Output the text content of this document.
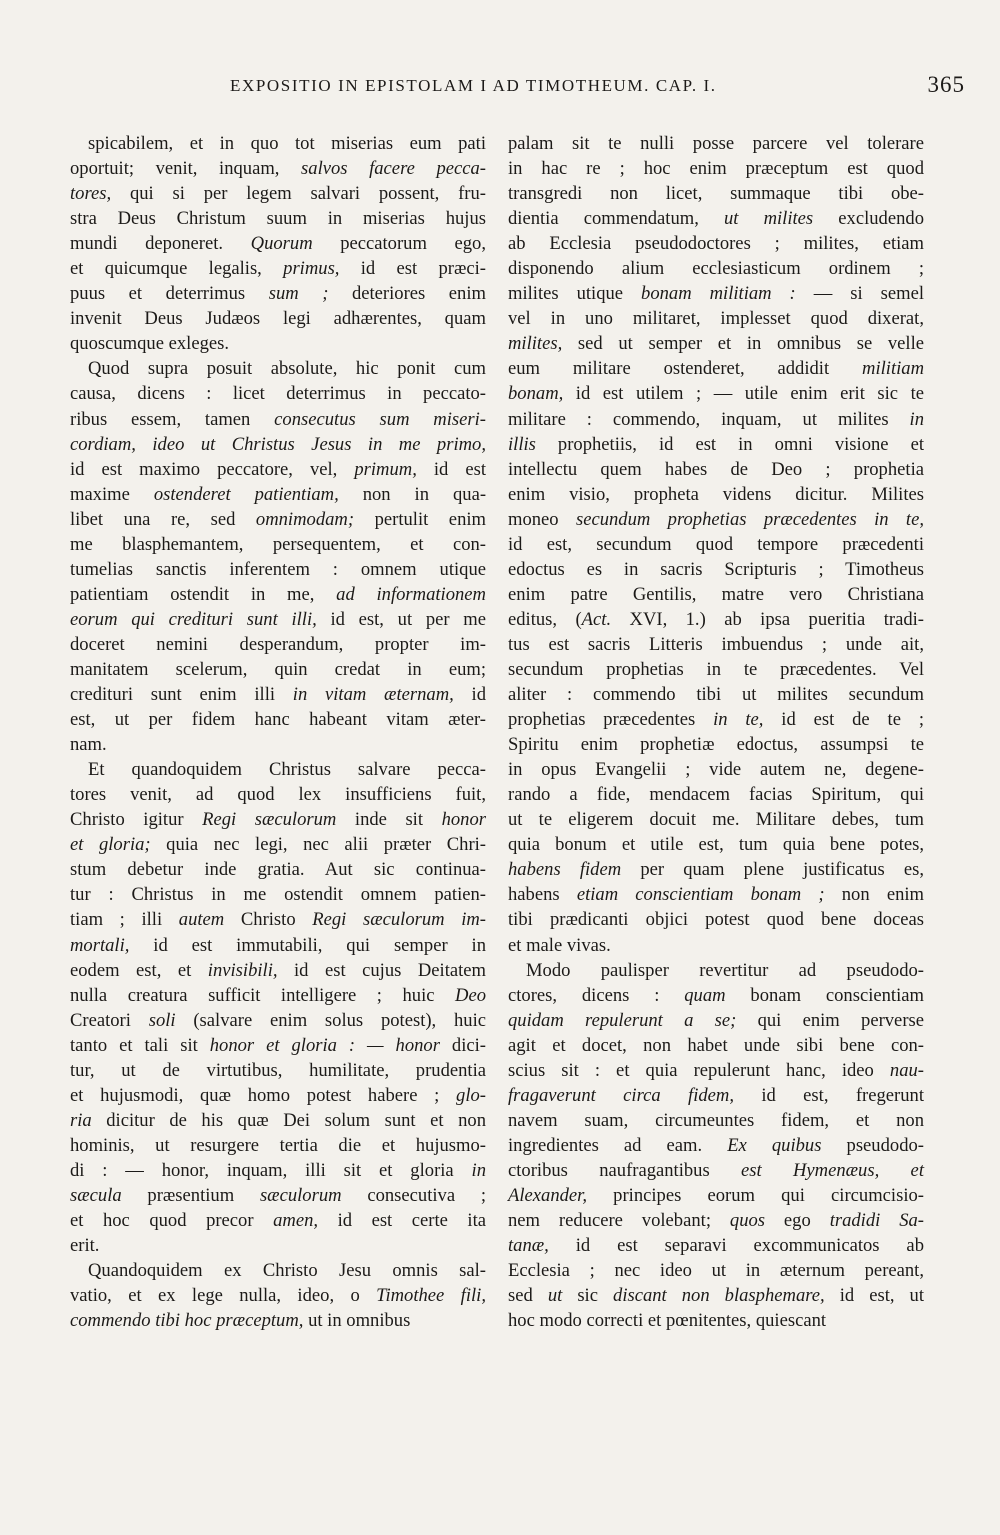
EXPOSITIO IN EPISTOLAM I AD TIMOTHEUM. CAP. I.	365

spicabilem, et in quo tot miserias eum pati

oportuit; venit, inquam, salvos facere pecca-

tores, qui si per legem salvari possent, fru-

stra Deus Christum suum in miserias hujus

mundi deponeret. Quorum peccatorum ego,

et quicumque legalis, primus, id est præci-

puus et deterrimus sum ; deteriores enim

invenit Deus Judæos legi adhærentes, quam

quoscumque exleges.

Quod supra posuit absolute, hic ponit cum

causa, dicens : licet deterrimus in peccato-

ribus essem, tamen consecutus sum miseri-

cordiam, ideo ut Christus Jesus in me primo,

id est maximo peccatore, vel, primum, id est

maxime ostenderet patientiam, non in qua-

libet una re, sed omnimodam; pertulit enim

me blasphemantem, persequentem, et con-

tumelias sanctis inferentem : omnem utique

patientiam ostendit in me, ad informationem

eorum qui credituri sunt illi, id est, ut per me

doceret nemini desperandum, propter im-

manitatem scelerum, quin credat in eum;

credituri sunt enim illi in vitam æternam, id

est, ut per fidem hanc habeant vitam æter-

nam.

Et quandoquidem Christus salvare pecca-

tores venit, ad quod lex insufficiens fuit,

Christo igitur Regi sæculorum inde sit honor

et gloria; quia nec legi, nec alii præter Chri-

stum debetur inde gratia. Aut sic continua-

tur : Christus in me ostendit omnem patien-

tiam ; illi autem Christo Regi sæculorum im-

mortali, id est immutabili, qui semper in

eodem est, et invisibili, id est cujus Deitatem

nulla creatura sufficit intelligere ; huic Deo

Creatori soli (salvare enim solus potest), huic

tanto et tali sit honor et gloria : — honor dici-

tur, ut de virtutibus, humilitate, prudentia

et hujusmodi, quæ homo potest habere ; glo-

ria dicitur de his quæ Dei solum sunt et non

hominis, ut resurgere tertia die et hujusmo-

di : — honor, inquam, illi sit et gloria in

sæcula præsentium sæculorum consecutiva ;

et hoc quod precor amen, id est certe ita

erit.

Quandoquidem ex Christo Jesu omnis sal-

vatio, et ex lege nulla, ideo, o Timothee fili,

commendo tibi hoc præceptum, ut in omnibus

palam sit te nulli posse parcere vel tolerare

in hac re ; hoc enim præceptum est quod

transgredi non licet, summaque tibi obe-

dientia commendatum, ut milites excludendo

ab Ecclesia pseudodoctores ; milites, etiam

disponendo alium ecclesiasticum ordinem ;

milites utique bonam militiam : — si semel

vel in uno militaret, implesset quod dixerat,

milites, sed ut semper et in omnibus se velle

eum militare ostenderet, addidit militiam

bonam, id est utilem ; — utile enim erit sic te

militare : commendo, inquam, ut milites in

illis prophetiis, id est in omni visione et

intellectu quem habes de Deo ; prophetia

enim visio, propheta videns dicitur. Milites

moneo secundum prophetias præcedentes in te,

id est, secundum quod tempore præcedenti

edoctus es in sacris Scripturis ; Timotheus

enim patre Gentilis, matre vero Christiana

editus, (Act. XVI, 1.) ab ipsa pueritia tradi-

tus est sacris Litteris imbuendus ; unde ait,

secundum prophetias in te præcedentes. Vel

aliter : commendo tibi ut milites secundum

prophetias præcedentes in te, id est de te ;

Spiritu enim prophetiæ edoctus, assumpsi te

in opus Evangelii ; vide autem ne, degene-

rando a fide, mendacem facias Spiritum, qui

ut te eligerem docuit me. Militare debes, tum

quia bonum et utile est, tum quia bene potes,

habens fidem per quam plene justificatus es,

habens etiam conscientiam bonam ; non enim

tibi prædicanti objici potest quod bene doceas

et male vivas.

Modo paulisper revertitur ad pseudodo-

ctores, dicens : quam bonam conscientiam

quidam repulerunt a se; qui enim perverse

agit et docet, non habet unde sibi bene con-

scius sit : et quia repulerunt hanc, ideo nau-

fragaverunt circa fidem, id est, fregerunt

navem suam, circumeuntes fidem, et non

ingredientes ad eam. Ex quibus pseudodo-

ctoribus naufragantibus est Hymenæus, et

Alexander, principes eorum qui circumcisio-

nem reducere volebant; quos ego tradidi Sa-

tanæ, id est separavi excommunicatos ab

Ecclesia ; nec ideo ut in æternum pereant,

sed ut sic discant non blasphemare, id est, ut

hoc modo correcti et pœnitentes, quiescant
